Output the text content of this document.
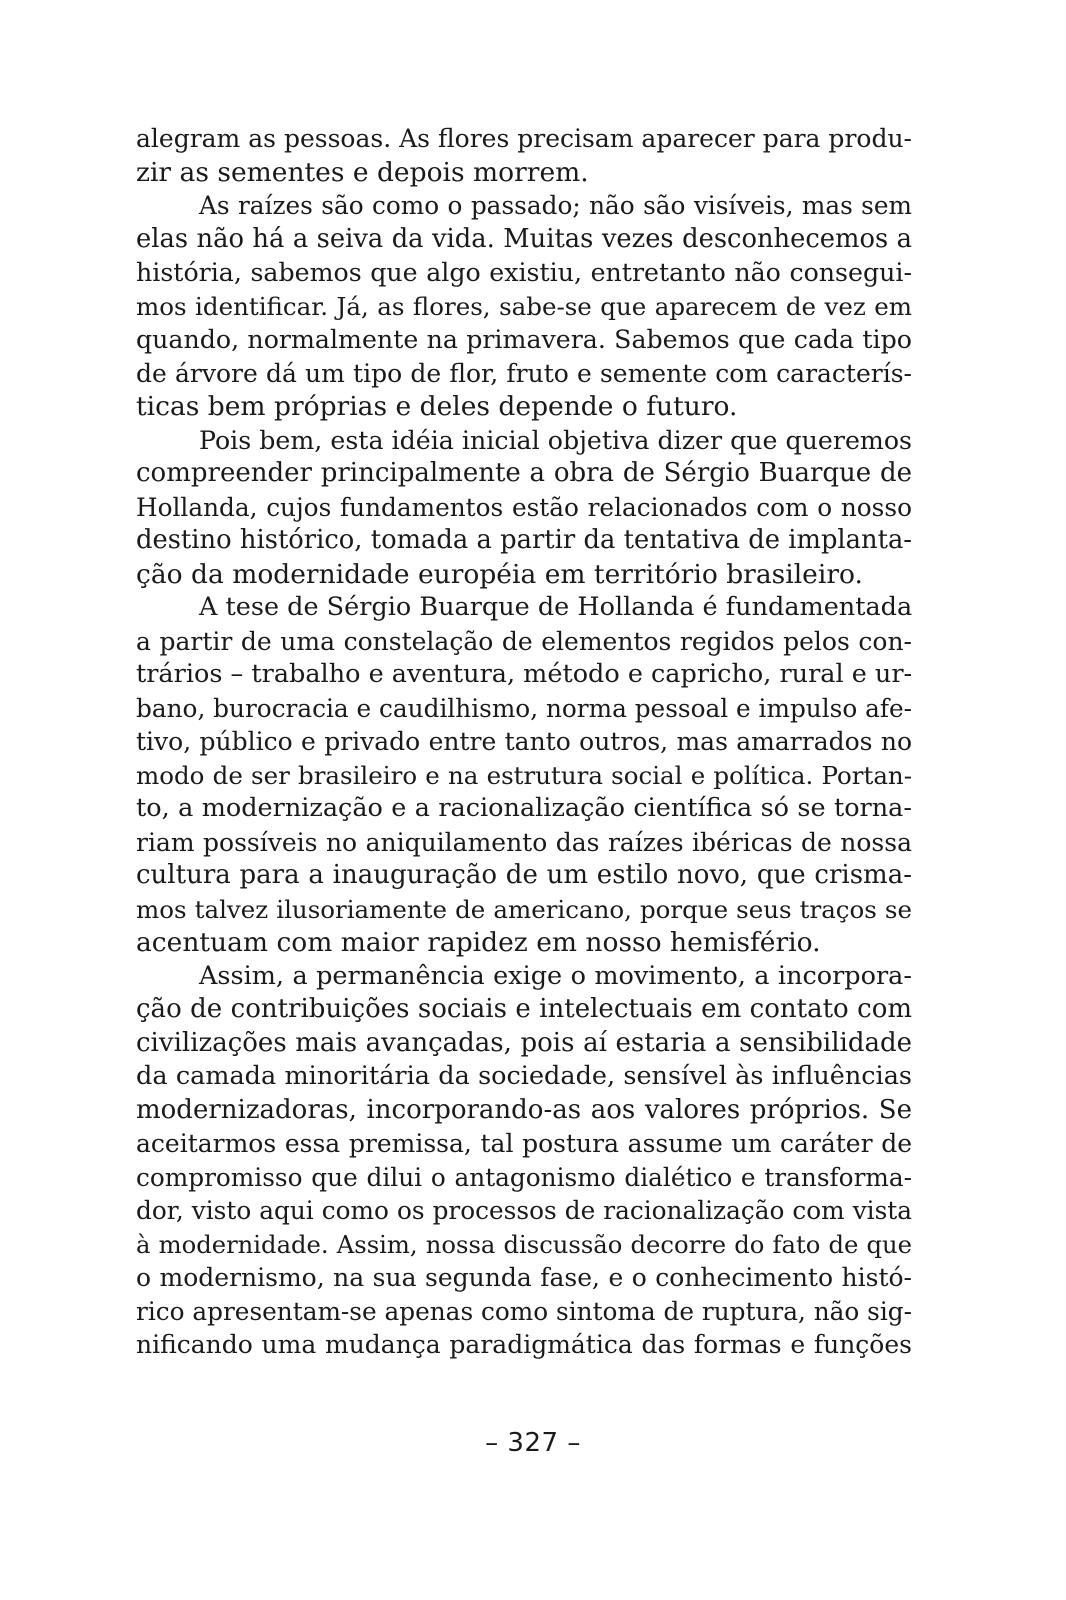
alegram as pessoas. As flores precisam aparecer para produ-
zir as sementes e depois morrem.
As raízes são como o passado; não são visíveis, mas sem
elas não há a seiva da vida. Muitas vezes desconhecemos a
história, sabemos que algo existiu, entretanto não consegui-
mos identificar. Já, as flores, sabe-se que aparecem de vez em
quando, normalmente na primavera. Sabemos que cada tipo
de árvore dá um tipo de flor, fruto e semente com caracterís-
ticas bem próprias e deles depende o futuro.
Pois bem, esta idéia inicial objetiva dizer que queremos
compreender principalmente a obra de Sérgio Buarque de
Hollanda, cujos fundamentos estão relacionados com o nosso
destino histórico, tomada a partir da tentativa de implanta-
ção da modernidade européia em território brasileiro.
A tese de Sérgio Buarque de Hollanda é fundamentada
a partir de uma constelação de elementos regidos pelos con-
trários – trabalho e aventura, método e capricho, rural e ur-
bano, burocracia e caudilhismo, norma pessoal e impulso afe-
tivo, público e privado entre tanto outros, mas amarrados no
modo de ser brasileiro e na estrutura social e política. Portan-
to, a modernização e a racionalização científica só se torna-
riam possíveis no aniquilamento das raízes ibéricas de nossa
cultura para a inauguração de um estilo novo, que crisma-
mos talvez ilusoriamente de americano, porque seus traços se
acentuam com maior rapidez em nosso hemisfério.
Assim, a permanência exige o movimento, a incorpora-
ção de contribuições sociais e intelectuais em contato com
civilizações mais avançadas, pois aí estaria a sensibilidade
da camada minoritária da sociedade, sensível às influências
modernizadoras, incorporando-as aos valores próprios. Se
aceitarmos essa premissa, tal postura assume um caráter de
compromisso que dilui o antagonismo dialético e transforma-
dor, visto aqui como os processos de racionalização com vista
à modernidade. Assim, nossa discussão decorre do fato de que
o modernismo, na sua segunda fase, e o conhecimento histó-
rico apresentam-se apenas como sintoma de ruptura, não sig-
nificando uma mudança paradigmática das formas e funções
– 327 –
